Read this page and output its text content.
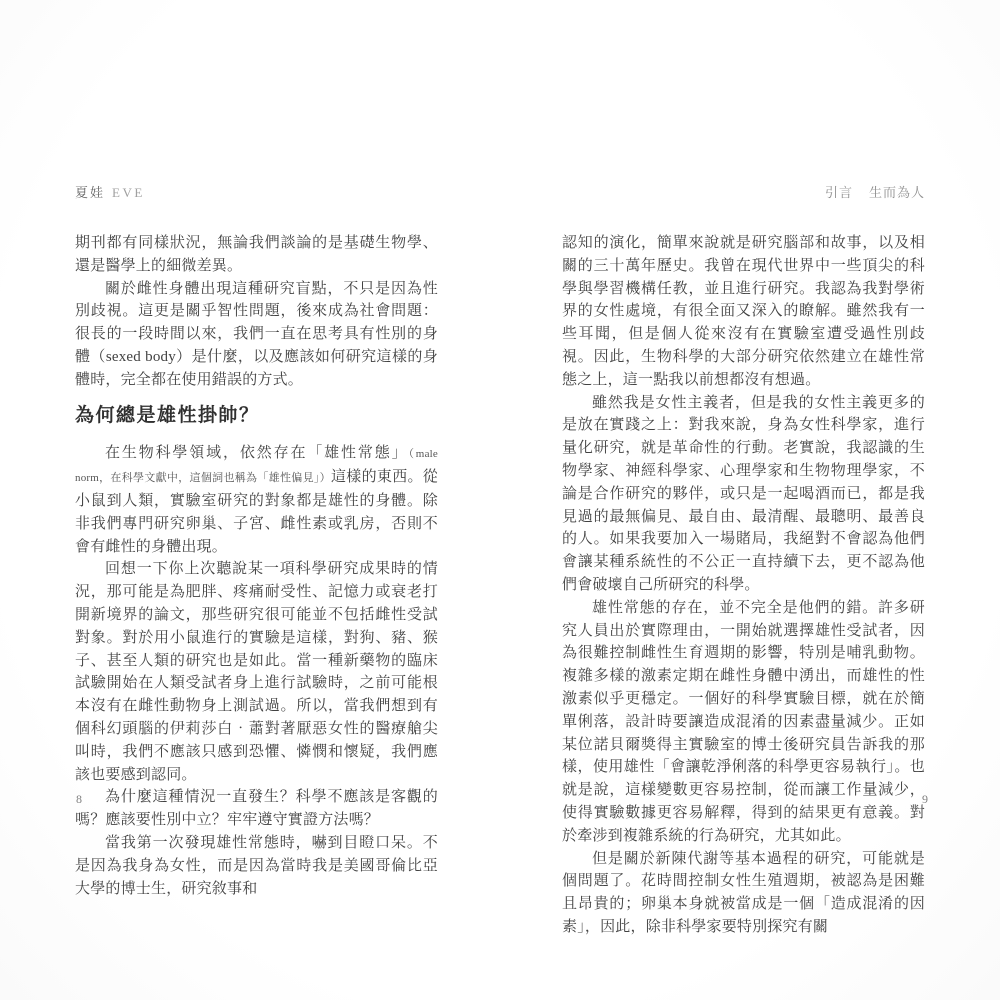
夏娃 EVE

期刊都有同樣狀況，無論我們談論的是基礎生物學、還是醫學上的細微差異。

關於雌性身體出現這種研究盲點，不只是因為性別歧視。這更是關乎智性問題，後來成為社會問題：很長的一段時間以來，我們一直在思考具有性別的身體（sexed body）是什麼，以及應該如何研究這樣的身體時，完全都在使用錯誤的方式。

為何總是雄性掛帥？

在生物科學領域，依然存在「雄性常態」（male norm，在科學文獻中，這個詞也稱為「雄性偏見」）這樣的東西。從小鼠到人類，實驗室研究的對象都是雄性的身體。除非我們專門研究卵巢、子宮、雌性素或乳房，否則不會有雌性的身體出現。

回想一下你上次聽說某一項科學研究成果時的情況，那可能是為肥胖、疼痛耐受性、記憶力或衰老打開新境界的論文，那些研究很可能並不包括雌性受試對象。對於用小鼠進行的實驗是這樣，對狗、豬、猴子、甚至人類的研究也是如此。當一種新藥物的臨床試驗開始在人類受試者身上進行試驗時，之前可能根本沒有在雌性動物身上測試過。所以，當我們想到有個科幻頭腦的伊莉莎白‧蕭對著厭惡女性的醫療艙尖叫時，我們不應該只感到恐懼、憐憫和懷疑，我們應該也要感到認同。

為什麼這種情況一直發生？科學不應該是客觀的嗎？應該要性別中立？牢牢遵守實證方法嗎？

當我第一次發現雄性常態時，嚇到目瞪口呆。不是因為我身為女性，而是因為當時我是美國哥倫比亞大學的博士生，研究敘事和

引言 生而為人

認知的演化，簡單來說就是研究腦部和故事，以及相關的三十萬年歷史。我曾在現代世界中一些頂尖的科學與學習機構任教，並且進行研究。我認為我對學術界的女性處境，有很全面又深入的瞭解。雖然我有一些耳聞，但是個人從來沒有在實驗室遭受過性別歧視。因此，生物科學的大部分研究依然建立在雄性常態之上，這一點我以前想都沒有想過。

雖然我是女性主義者，但是我的女性主義更多的是放在實踐之上：對我來說，身為女性科學家，進行量化研究，就是革命性的行動。老實說，我認識的生物學家、神經科學家、心理學家和生物物理學家，不論是合作研究的夥伴，或只是一起喝酒而已，都是我見過的最無偏見、最自由、最清醒、最聰明、最善良的人。如果我要加入一場賭局，我絕對不會認為他們會讓某種系統性的不公正一直持續下去，更不認為他們會破壞自己所研究的科學。

雄性常態的存在，並不完全是他們的錯。許多研究人員出於實際理由，一開始就選擇雄性受試者，因為很難控制雌性生育週期的影響，特別是哺乳動物。複雜多樣的激素定期在雌性身體中湧出，而雄性的性激素似乎更穩定。一個好的科學實驗目標，就在於簡單俐落，設計時要讓造成混淆的因素盡量減少。正如某位諾貝爾獎得主實驗室的博士後研究員告訴我的那樣，使用雄性「會讓乾淨俐落的科學更容易執行」。也就是說，這樣變數更容易控制，從而讓工作量減少，使得實驗數據更容易解釋，得到的結果更有意義。對於牽涉到複雜系統的行為研究，尤其如此。

但是關於新陳代謝等基本過程的研究，可能就是個問題了。花時間控制女性生殖週期，被認為是困難且昂貴的；卵巢本身就被當成是一個「造成混淆的因素」，因此，除非科學家要特別探究有關

8	9
